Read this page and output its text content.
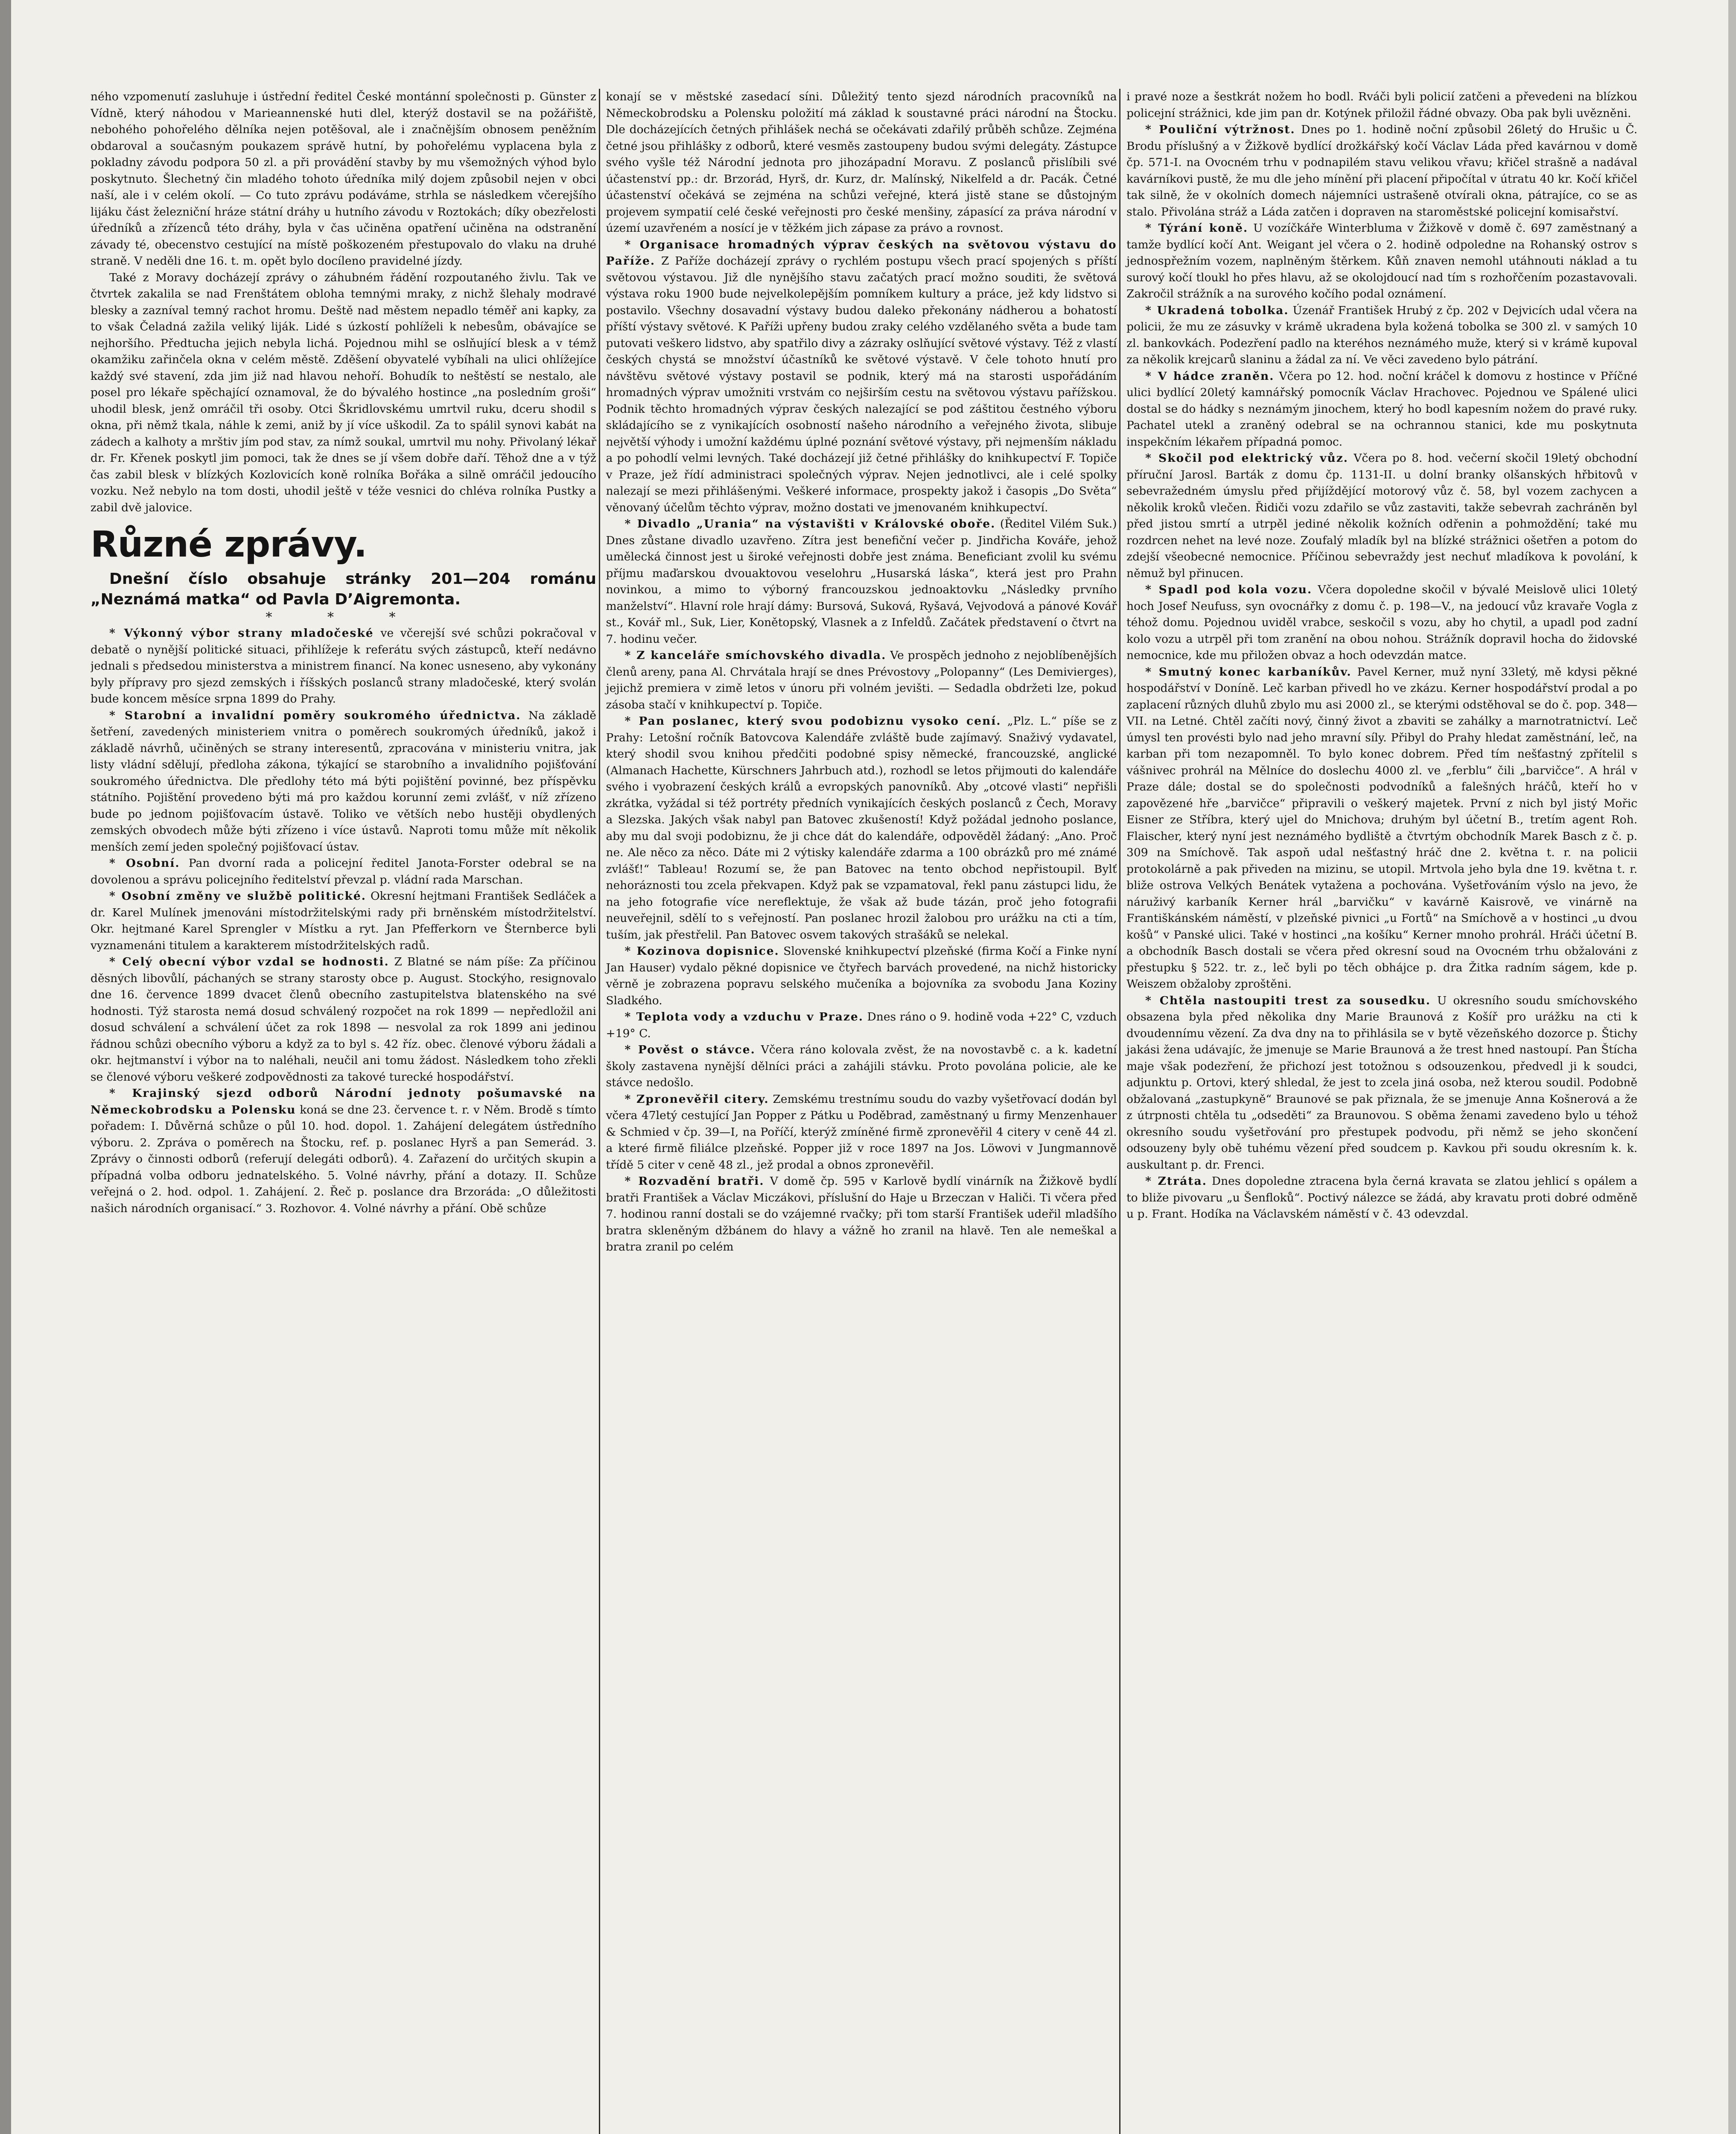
ného vzpomenutí zasluhuje i ústřední ředitel České montánní společnosti p. Günster z Vídně, který náhodou v Marieannenské huti dlel, kterýž dostavil se na požářiště, nebohého pohořelého dělníka nejen potěšoval, ale i značnějším obnosem peněžním obdaroval a současným poukazem správě hutní, by pohořelému vyplacena byla z pokladny závodu podpora 50 zl. a při provádění stavby by mu všemožných výhod bylo poskytnuto. Šlechetný čin mladého tohoto úředníka milý dojem způsobil nejen v obci naší, ale i v celém okolí. — Co tuto zprávu podáváme, strhla se následkem včerejšího lijáku část železniční hráze státní dráhy u hutního závodu v Roztokách; díky obezřelosti úředníků a zřízenců této dráhy, byla v čas učiněna opatření učiněna na odstranění závady té, obecenstvo cestující na místě poškozeném přestupovalo do vlaku na druhé straně. V neděli dne 16. t. m. opět bylo docíleno pravidelné jízdy.

Také z Moravy docházejí zprávy o záhubném řádění rozpoutaného živlu. Tak ve čtvrtek zakalila se nad Frenštátem obloha temnými mraky, z nichž šlehaly modravé blesky a zazníval temný rachot hromu. Deště nad městem nepadlo téměř ani kapky, za to však Čeladná zažila veliký liják. Lidé s úzkostí pohlíželi k nebesům, obávajíce se nejhoršího. Předtucha jejich nebyla lichá. Pojednou mihl se oslňující blesk a v témž okamžiku zařinčela okna v celém městě. Zděšení obyvatelé vybíhali na ulici ohlížejíce každý své stavení, zda jim již nad hlavou nehoří. Bohudík to neštěstí se nestalo, ale posel pro lékaře spěchající oznamoval, že do bývalého hostince „na posledním groši“ uhodil blesk, jenž omráčil tři osoby. Otci Škridlovskému umrtvil ruku, dceru shodil s okna, při němž tkala, náhle k zemi, aniž by jí více uškodil. Za to spálil synovi kabát na zádech a kalhoty a mrštiv jím pod stav, za nímž soukal, umrtvil mu nohy. Přivolaný lékař dr. Fr. Křenek poskytl jim pomoci, tak že dnes se jí všem dobře daří. Těhož dne a v týž čas zabil blesk v blízkých Kozlovicích koně rolníka Bořáka a silně omráčil jedoucího vozku. Než nebylo na tom dosti, uhodil ještě v téže vesnici do chléva rolníka Pustky a zabil dvě jalovice.

Různé zprávy.

Dnešní číslo obsahuje stránky 201—204 románu „Neznámá matka“ od Pavla D’Aigremonta.

* * *

* Výkonný výbor strany mladočeské ve včerejší své schůzi pokračoval v debatě o nynější politické situaci, přihlížeje k referátu svých zástupců, kteří nedávno jednali s předsedou ministerstva a ministrem financí. Na konec usneseno, aby vykonány byly přípravy pro sjezd zemských i říšských poslanců strany mladočeské, který svolán bude koncem měsíce srpna 1899 do Prahy.

* Starobní a invalidní poměry soukromého úřednictva. Na základě šetření, zavedených ministeriem vnitra o poměrech soukromých úředníků, jakož i základě návrhů, učiněných se strany interesentů, zpracována v ministeriu vnitra, jak listy vládní sdělují, předloha zákona, týkající se starobního a invalidního pojišťování soukromého úřednictva. Dle předlohy této má býti pojištění povinné, bez příspěvku státního. Pojištění provedeno býti má pro každou korunní zemi zvlášť, v níž zřízeno bude po jednom pojišťovacím ústavě. Toliko ve větších nebo hustěji obydlených zemských obvodech může býti zřízeno i více ústavů. Naproti tomu může mít několik menších zemí jeden společný pojišťovací ústav.

* Osobní. Pan dvorní rada a policejní ředitel Janota-Forster odebral se na dovolenou a správu policejního ředitelství převzal p. vládní rada Marschan.

* Osobní změny ve službě politické. Okresní hejtmani František Sedláček a dr. Karel Mulínek jmenováni místodržitelskými rady při brněnském místodržitelství. Okr. hejtmané Karel Sprengler v Místku a ryt. Jan Pfefferkorn ve Šternberce byli vyznamenáni titulem a karakterem místodržitelských radů.

* Celý obecní výbor vzdal se hodnosti. Z Blatné se nám píše: Za příčinou děsných libovůlí, páchaných se strany starosty obce p. August. Stockýho, resignovalo dne 16. července 1899 dvacet členů obecního zastupitelstva blatenského na své hodnosti. Týž starosta nemá dosud schválený rozpočet na rok 1899 — nepředložil ani dosud schválení a schválení účet za rok 1898 — nesvolal za rok 1899 ani jedinou řádnou schůzi obecního výboru a když za to byl s. 42 říz. obec. členové výboru žádali a okr. hejtmanství i výbor na to naléhali, neučil ani tomu žádost. Následkem toho zřekli se členové výboru veškeré zodpovědnosti za takové turecké hospodářství.

* Krajinský sjezd odborů Národní jednoty pošumavské na Německobrodsku a Polensku koná se dne 23. července t. r. v Něm. Brodě s tímto pořadem: I. Důvěrná schůze o půl 10. hod. dopol. 1. Zahájení delegátem ústředního výboru. 2. Zpráva o poměrech na Štocku, ref. p. poslanec Hyrš a pan Semerád. 3. Zprávy o činnosti odborů (referují delegáti odborů). 4. Zařazení do určitých skupin a případná volba odboru jednatelského. 5. Volné návrhy, přání a dotazy. II. Schůze veřejná o 2. hod. odpol. 1. Zahájení. 2. Řeč p. poslance dra Brzoráda: „O důležitosti našich národních organisací.“ 3. Rozhovor. 4. Volné návrhy a přání. Obě schůze

konají se v městské zasedací síni. Důležitý tento sjezd národních pracovníků na Německobrodsku a Polensku položití má základ k soustavné práci národní na Štocku. Dle docházejících četných přihlášek nechá se očekávati zdařilý průběh schůze. Zejména četné jsou přihlášky z odborů, které vesměs zastoupeny budou svými delegáty. Zástupce svého vyšle též Národní jednota pro jihozápadní Moravu. Z poslanců přislíbili své účastenství pp.: dr. Brzorád, Hyrš, dr. Kurz, dr. Malínský, Nikelfeld a dr. Pacák. Četné účastenství očekává se zejména na schůzi veřejné, která jistě stane se důstojným projevem sympatií celé české veřejnosti pro české menšiny, zápasící za práva národní v území uzavřeném a nosící je v těžkém jich zápase za právo a rovnost.

* Organisace hromadných výprav českých na světovou výstavu do Paříže. Z Paříže docházejí zprávy o rychlém postupu všech prací spojených s příští světovou výstavou. Již dle nynějšího stavu začatých prací možno souditi, že světová výstava roku 1900 bude nejvelkolepějším pomníkem kultury a práce, jež kdy lidstvo si postavilo. Všechny dosavadní výstavy budou daleko překonány nádherou a bohatostí příští výstavy světové. K Paříži upřeny budou zraky celého vzdělaného světa a bude tam putovati veškero lidstvo, aby spatřilo divy a zázraky oslňující světové výstavy. Též z vlastí českých chystá se množství účastníků ke světové výstavě. V čele tohoto hnutí pro návštěvu světové výstavy postavil se podnik, který má na starosti uspořádáním hromadných výprav umožniti vrstvám co nejširším cestu na světovou výstavu pařížskou. Podnik těchto hromadných výprav českých nalezající se pod záštitou čestného výboru skládajícího se z vynikajících osobností našeho národního a veřejného života, slibuje největší výhody i umožní každému úplné poznání světové výstavy, při nejmenším nákladu a po pohodlí velmi levných. Také docházejí již četné přihlášky do knihkupectví F. Topiče v Praze, jež řídí administraci společných výprav. Nejen jednotlivci, ale i celé spolky nalezají se mezi přihlášenými. Veškeré informace, prospekty jakož i časopis „Do Světa“ věnovaný účelům těchto výprav, možno dostati ve jmenovaném knihkupectví.

* Divadlo „Urania“ na výstavišti v Královské oboře. (Ředitel Vilém Suk.) Dnes zůstane divadlo uzavřeno. Zítra jest benefiční večer p. Jindřicha Kováře, jehož umělecká činnost jest u široké veřejnosti dobře jest známa. Beneficiant zvolil ku svému příjmu maďarskou dvouaktovou veselohru „Husarská láska“, která jest pro Prahn novinkou, a mimo to výborný francouzskou jednoaktovku „Následky prvního manželství“. Hlavní role hrají dámy: Bursová, Suková, Ryšavá, Vejvodová a pánové Kovář st., Kovář ml., Suk, Lier, Konětopský, Vlasnek a z Infeldů. Začátek představení o čtvrt na 7. hodinu večer.

* Z kanceláře smíchovského divadla. Ve prospěch jednoho z nejoblíbenějších členů areny, pana Al. Chrvátala hrají se dnes Prévostovy „Polopanny“ (Les Demivierges), jejichž premiera v zimě letos v únoru při volném jevišti. — Sedadla obdržeti lze, pokud zásoba stačí v knihkupectví p. Topiče.

* Pan poslanec, který svou podobiznu vysoko cení. „Plz. L.“ píše se z Prahy: Letošní ročník Batovcova Kalendáře zvláště bude zajímavý. Snaživý vydavatel, který shodil svou knihou předčiti podobné spisy německé, francouzské, anglické (Almanach Hachette, Kürschners Jahrbuch atd.), rozhodl se letos přijmouti do kalendáře svého i vyobrazení českých králů a evropských panovníků. Aby „otcové vlasti“ nepřišli zkrátka, vyžádal si též portréty předních vynikajících českých poslanců z Čech, Moravy a Slezska. Jakých však nabyl pan Batovec zkušeností! Když požádal jednoho poslance, aby mu dal svoji podobiznu, že ji chce dát do kalendáře, odpověděl žádaný: „Ano. Proč ne. Ale něco za něco. Dáte mi 2 výtisky kalendáře zdarma a 100 obrázků pro mé známé zvlášť!“ Tableau! Rozumí se, že pan Batovec na tento obchod nepřistoupil. Bylť nehoráznosti tou zcela překvapen. Když pak se vzpamatoval, řekl panu zástupci lidu, že na jeho fotografie více nereflektuje, že však až bude tázán, proč jeho fotografii neuveřejnil, sdělí to s veřejností. Pan poslanec hrozil žalobou pro urážku na cti a tím, tuším, jak přestřelil. Pan Batovec osvem takových strašáků se nelekal.

* Kozinova dopisnice. Slovenské knihkupectví plzeňské (firma Kočí a Finke nyní Jan Hauser) vydalo pěkné dopisnice ve čtyřech barvách provedené, na nichž historicky věrně je zobrazena popravu selského mučeníka a bojovníka za svobodu Jana Koziny Sladkého.

* Teplota vody a vzduchu v Praze. Dnes ráno o 9. hodině voda +22° C, vzduch +19° C.

* Pověst o stávce. Včera ráno kolovala zvěst, že na novostavbě c. a k. kadetní školy zastavena nynější dělníci práci a zahájili stávku. Proto povolána policie, ale ke stávce nedošlo.

* Zpronevěřil citery. Zemskému trestnímu soudu do vazby vyšetřovací dodán byl včera 47letý cestující Jan Popper z Pátku u Poděbrad, zaměstnaný u firmy Menzenhauer & Schmied v čp. 39—I, na Poříčí, kterýž zmíněné firmě zpronevěřil 4 citery v ceně 44 zl. a které firmě filiálce plzeňské. Popper již v roce 1897 na Jos. Löwovi v Jungmannově třídě 5 citer v ceně 48 zl., jež prodal a obnos zpronevěřil.

* Rozvadění bratři. V domě čp. 595 v Karlově bydlí vinárník na Žižkově bydlí bratři František a Václav Miczákovi, příslušní do Haje u Brzeczan v Haliči. Ti včera před 7. hodinou ranní dostali se do vzájemné rvačky; při tom starší František udeřil mladšího bratra skleněným džbánem do hlavy a vážně ho zranil na hlavě. Ten ale nemeškal a bratra zranil po celém

i pravé noze a šestkrát nožem ho bodl. Rváči byli policií zatčeni a převedeni na blízkou policejní strážnici, kde jim pan dr. Kotýnek přiložil řádné obvazy. Oba pak byli uvězněni.

* Pouliční výtržnost. Dnes po 1. hodině noční způsobil 26letý do Hrušic u Č. Brodu příslušný a v Žižkově bydlící drožkářský kočí Václav Láda před kavárnou v domě čp. 571-I. na Ovocném trhu v podnapilém stavu velikou vřavu; křičel strašně a nadával kavárníkovi pustě, že mu dle jeho mínění při placení připočítal v útratu 40 kr. Kočí křičel tak silně, že v okolních domech nájemníci ustrašeně otvírali okna, pátrajíce, co se as stalo. Přivolána stráž a Láda zatčen i dopraven na staroměstské policejní komisařství.

* Týrání koně. U vozíčkáře Winterbluma v Žižkově v domě č. 697 zaměstnaný a tamže bydlící kočí Ant. Weigant jel včera o 2. hodině odpoledne na Rohanský ostrov s jednospřežním vozem, naplněným štěrkem. Kůň znaven nemohl utáhnouti náklad a tu surový kočí tloukl ho přes hlavu, až se okolojdoucí nad tím s rozhořčením pozastavovali. Zakročil strážník a na surového kočího podal oznámení.

* Ukradená tobolka. Úzenář František Hrubý z čp. 202 v Dejvicích udal včera na policii, že mu ze zásuvky v krámě ukradena byla kožená tobolka se 300 zl. v samých 10 zl. bankovkách. Podezření padlo na kteréhos neznámého muže, který si v krámě kupoval za několik krejcarů slaninu a žádal za ní. Ve věci zavedeno bylo pátrání.

* V hádce zraněn. Včera po 12. hod. noční kráčel k domovu z hostince v Příčné ulici bydlící 20letý kamnářský pomocník Václav Hrachovec. Pojednou ve Spálené ulici dostal se do hádky s neznámým jinochem, který ho bodl kapesním nožem do pravé ruky. Pachatel utekl a zraněný odebral se na ochrannou stanici, kde mu poskytnuta inspekčním lékařem případná pomoc.

* Skočil pod elektrický vůz. Včera po 8. hod. večerní skočil 19letý obchodní příruční Jarosl. Barták z domu čp. 1131-II. u dolní branky olšanských hřbitovů v sebevražedném úmyslu před přijíždějící motorový vůz č. 58, byl vozem zachycen a několik kroků vlečen. Řidiči vozu zdařilo se vůz zastaviti, takže sebevrah zachráněn byl před jistou smrtí a utrpěl jediné několik kožních odřenin a pohmoždění; také mu rozdrcen nehet na levé noze. Zoufalý mladík byl na blízké strážnici ošetřen a potom do zdejší všeobecné nemocnice. Příčinou sebevraždy jest nechuť mladíkova k povolání, k němuž byl přinucen.

* Spadl pod kola vozu. Včera dopoledne skočil v bývalé Meislově ulici 10letý hoch Josef Neufuss, syn ovocnářky z domu č. p. 198—V., na jedoucí vůz kravaře Vogla z téhož domu. Pojednou uviděl vrabce, seskočil s vozu, aby ho chytil, a upadl pod zadní kolo vozu a utrpěl při tom zranění na obou nohou. Strážník dopravil hocha do židovské nemocnice, kde mu přiložen obvaz a hoch odevzdán matce.

* Smutný konec karbaníkův. Pavel Kerner, muž nyní 33letý, mě kdysi pěkné hospodářství v Doníně. Leč karban přivedl ho ve zkázu. Kerner hospodářství prodal a po zaplacení různých dluhů zbylo mu asi 2000 zl., se kterými odstěhoval se do č. pop. 348—VII. na Letné. Chtěl začíti nový, činný život a zbaviti se zahálky a marnotratnictví. Leč úmysl ten provésti bylo nad jeho mravní síly. Přibyl do Prahy hledat zaměstnání, leč, na karban při tom nezapomněl. To bylo konec dobrem. Před tím nešťastný zpřítelil s vášnivec prohrál na Mělníce do doslechu 4000 zl. ve „ferblu“ čili „barvičce“. A hrál v Praze dále; dostal se do společnosti podvodníků a falešných hráčů, kteří ho v zapovězené hře „barvičce“ připravili o veškerý majetek. První z nich byl jistý Mořic Eisner ze Stříbra, který ujel do Mnichova; druhým byl účetní B., tretím agent Roh. Flaischer, který nyní jest neznámého bydliště a čtvrtým obchodník Marek Basch z č. p. 309 na Smíchově. Tak aspoň udal nešťastný hráč dne 2. května t. r. na policii protokolárně a pak přiveden na mizinu, se utopil. Mrtvola jeho byla dne 19. května t. r. bliže ostrova Velkých Benátek vytažena a pochována. Vyšetřováním výslo na jevo, že náruživý karbaník Kerner hrál „barvičku“ v kavárně Kaisrově, ve vinárně na Františkánském náměstí, v plzeňské pivnici „u Fortů“ na Smíchově a v hostinci „u dvou košů“ v Panské ulici. Také v hostinci „na košíku“ Kerner mnoho prohrál. Hráči účetní B. a obchodník Basch dostali se včera před okresní soud na Ovocném trhu obžalováni z přestupku § 522. tr. z., leč byli po těch obhájce p. dra Žitka radním ságem, kde p. Weiszem obžaloby zproštěni.

* Chtěla nastoupiti trest za sousedku. U okresního soudu smíchovského obsazena byla před několika dny Marie Braunová z Košíř pro urážku na cti k dvoudennímu vězení. Za dva dny na to přihlásila se v bytě vězeňského dozorce p. Štichy jakási žena udávajíc, že jmenuje se Marie Braunová a že trest hned nastoupí. Pan Štícha maje však podezření, že přichozí jest totožnou s odsouzenkou, předvedl ji k soudci, adjunktu p. Ortovi, který shledal, že jest to zcela jiná osoba, než kterou soudil. Podobně obžalovaná „zastupkyně“ Braunové se pak přiznala, že se jmenuje Anna Košnerová a že z útrpnosti chtěla tu „odseděti“ za Braunovou. S oběma ženami zavedeno bylo u téhož okresního soudu vyšetřování pro přestupek podvodu, při němž se jeho skončení odsouzeny byly obě tuhému vězení před soudcem p. Kavkou při soudu okresním k. k. auskultant p. dr. Frenci.

* Ztráta. Dnes dopoledne ztracena byla černá kravata se zlatou jehlicí s opálem a to bliže pivovaru „u Šenfloků“. Poctivý nálezce se žádá, aby kravatu proti dobré odměně u p. Frant. Hodíka na Václavském náměstí v č. 43 odevzdal.
